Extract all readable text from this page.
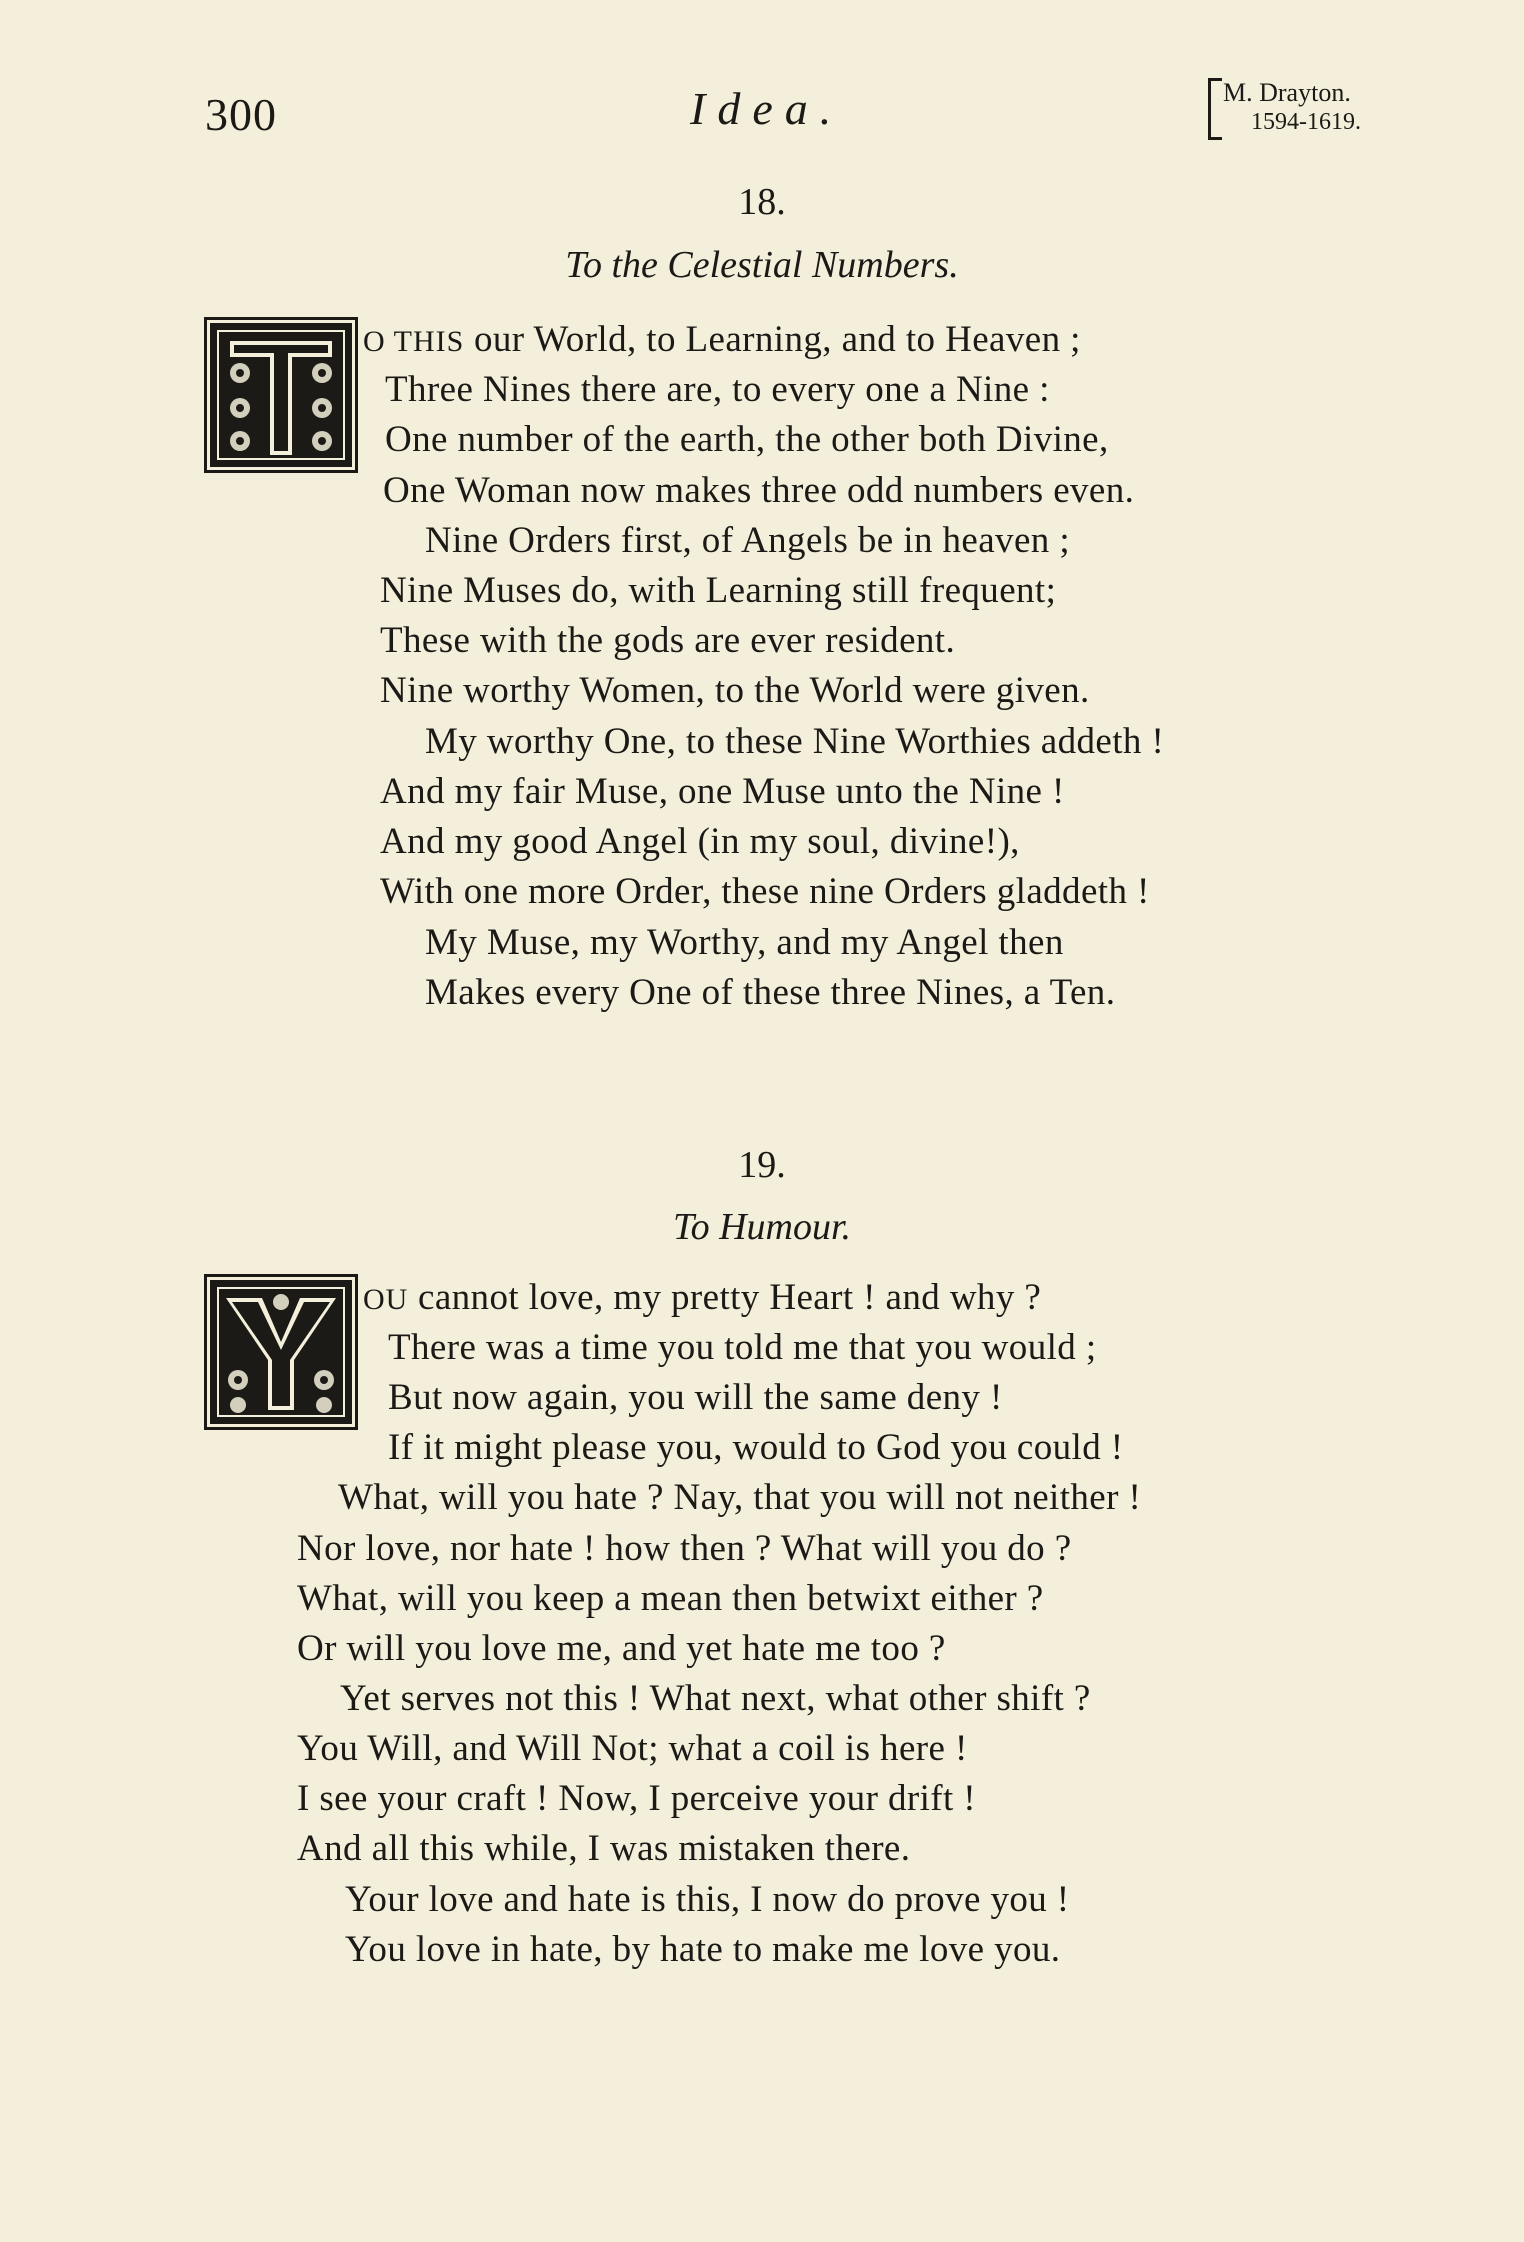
300	Idea.	M. Drayton.
1594-1619.
18.
To the Celestial Numbers.
O THIS our World, to Learning, and to Heaven ;
Three Nines there are, to every one a Nine :
One number of the earth, the other both Divine,
One Woman now makes three odd numbers even.
Nine Orders first, of Angels be in heaven ;
Nine Muses do, with Learning still frequent;
These with the gods are ever resident.
Nine worthy Women, to the World were given.
My worthy One, to these Nine Worthies addeth !
And my fair Muse, one Muse unto the Nine !
And my good Angel (in my soul, divine!),
With one more Order, these nine Orders gladdeth !
My Muse, my Worthy, and my Angel then
Makes every One of these three Nines, a Ten.
19.
To Humour.
OU cannot love, my pretty Heart ! and why ?
There was a time you told me that you would ;
But now again, you will the same deny !
If it might please you, would to God you could !
What, will you hate ? Nay, that you will not neither !
Nor love, nor hate ! how then ? What will you do ?
What, will you keep a mean then betwixt either ?
Or will you love me, and yet hate me too ?
Yet serves not this ! What next, what other shift ?
You Will, and Will Not; what a coil is here !
I see your craft ! Now, I perceive your drift !
And all this while, I was mistaken there.
Your love and hate is this, I now do prove you !
You love in hate, by hate to make me love you.
